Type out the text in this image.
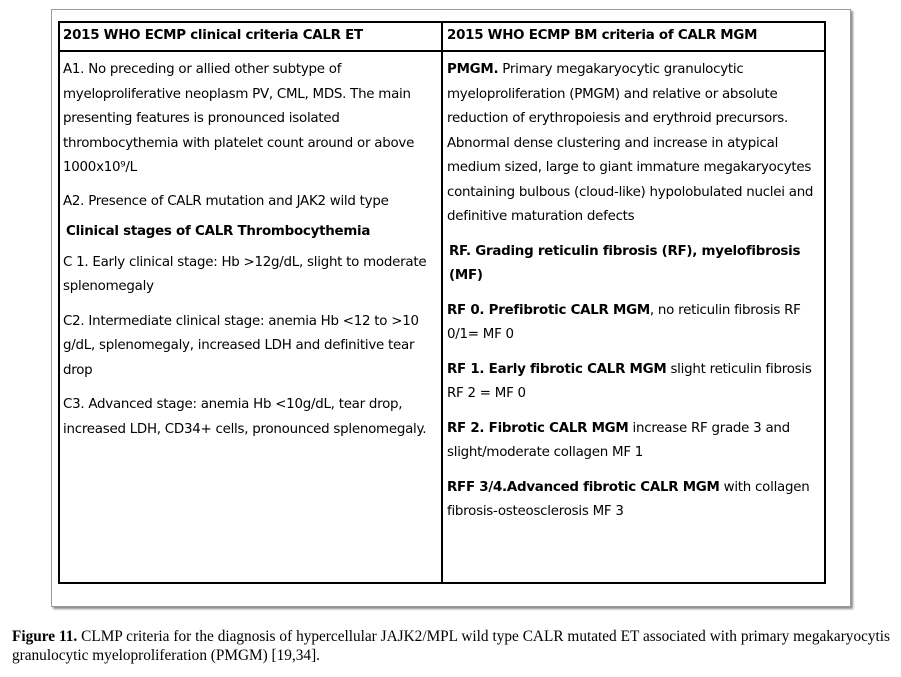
2015 WHO ECMP clinical criteria CALR ET

A1. No preceding or allied other subtype of myeloproliferative neoplasm PV, CML, MDS. The main presenting features is pronounced isolated thrombocythemia with platelet count around or above 1000x10⁹/L

A2. Presence of CALR mutation and JAK2 wild type

Clinical stages of CALR Thrombocythemia

C 1. Early clinical stage: Hb >12g/dL, slight to moderate splenomegaly

C2. Intermediate clinical stage: anemia Hb <12 to >10 g/dL, splenomegaly, increased LDH and definitive tear drop

C3. Advanced stage: anemia Hb <10g/dL, tear drop, increased LDH, CD34+ cells, pronounced splenomegaly.

2015 WHO ECMP BM criteria of CALR MGM

PMGM. Primary megakaryocytic granulocytic myeloproliferation (PMGM) and relative or absolute reduction of erythropoiesis and erythroid precursors. Abnormal dense clustering and increase in atypical medium sized, large to giant immature megakaryocytes containing bulbous (cloud-like) hypolobulated nuclei and definitive maturation defects

RF. Grading reticulin fibrosis (RF), myelofibrosis (MF)

RF 0. Prefibrotic CALR MGM, no reticulin fibrosis RF 0/1= MF 0

RF 1. Early fibrotic CALR MGM slight reticulin fibrosis RF 2 = MF 0

RF 2. Fibrotic CALR MGM increase RF grade 3 and slight/moderate collagen MF 1

RFF 3/4.Advanced fibrotic CALR MGM with collagen fibrosis-osteosclerosis MF 3

Figure 11. CLMP criteria for the diagnosis of hypercellular JAJK2/MPL wild type CALR mutated ET associated with primary megakaryocytis granulocytic myeloproliferation (PMGM) [19,34].
